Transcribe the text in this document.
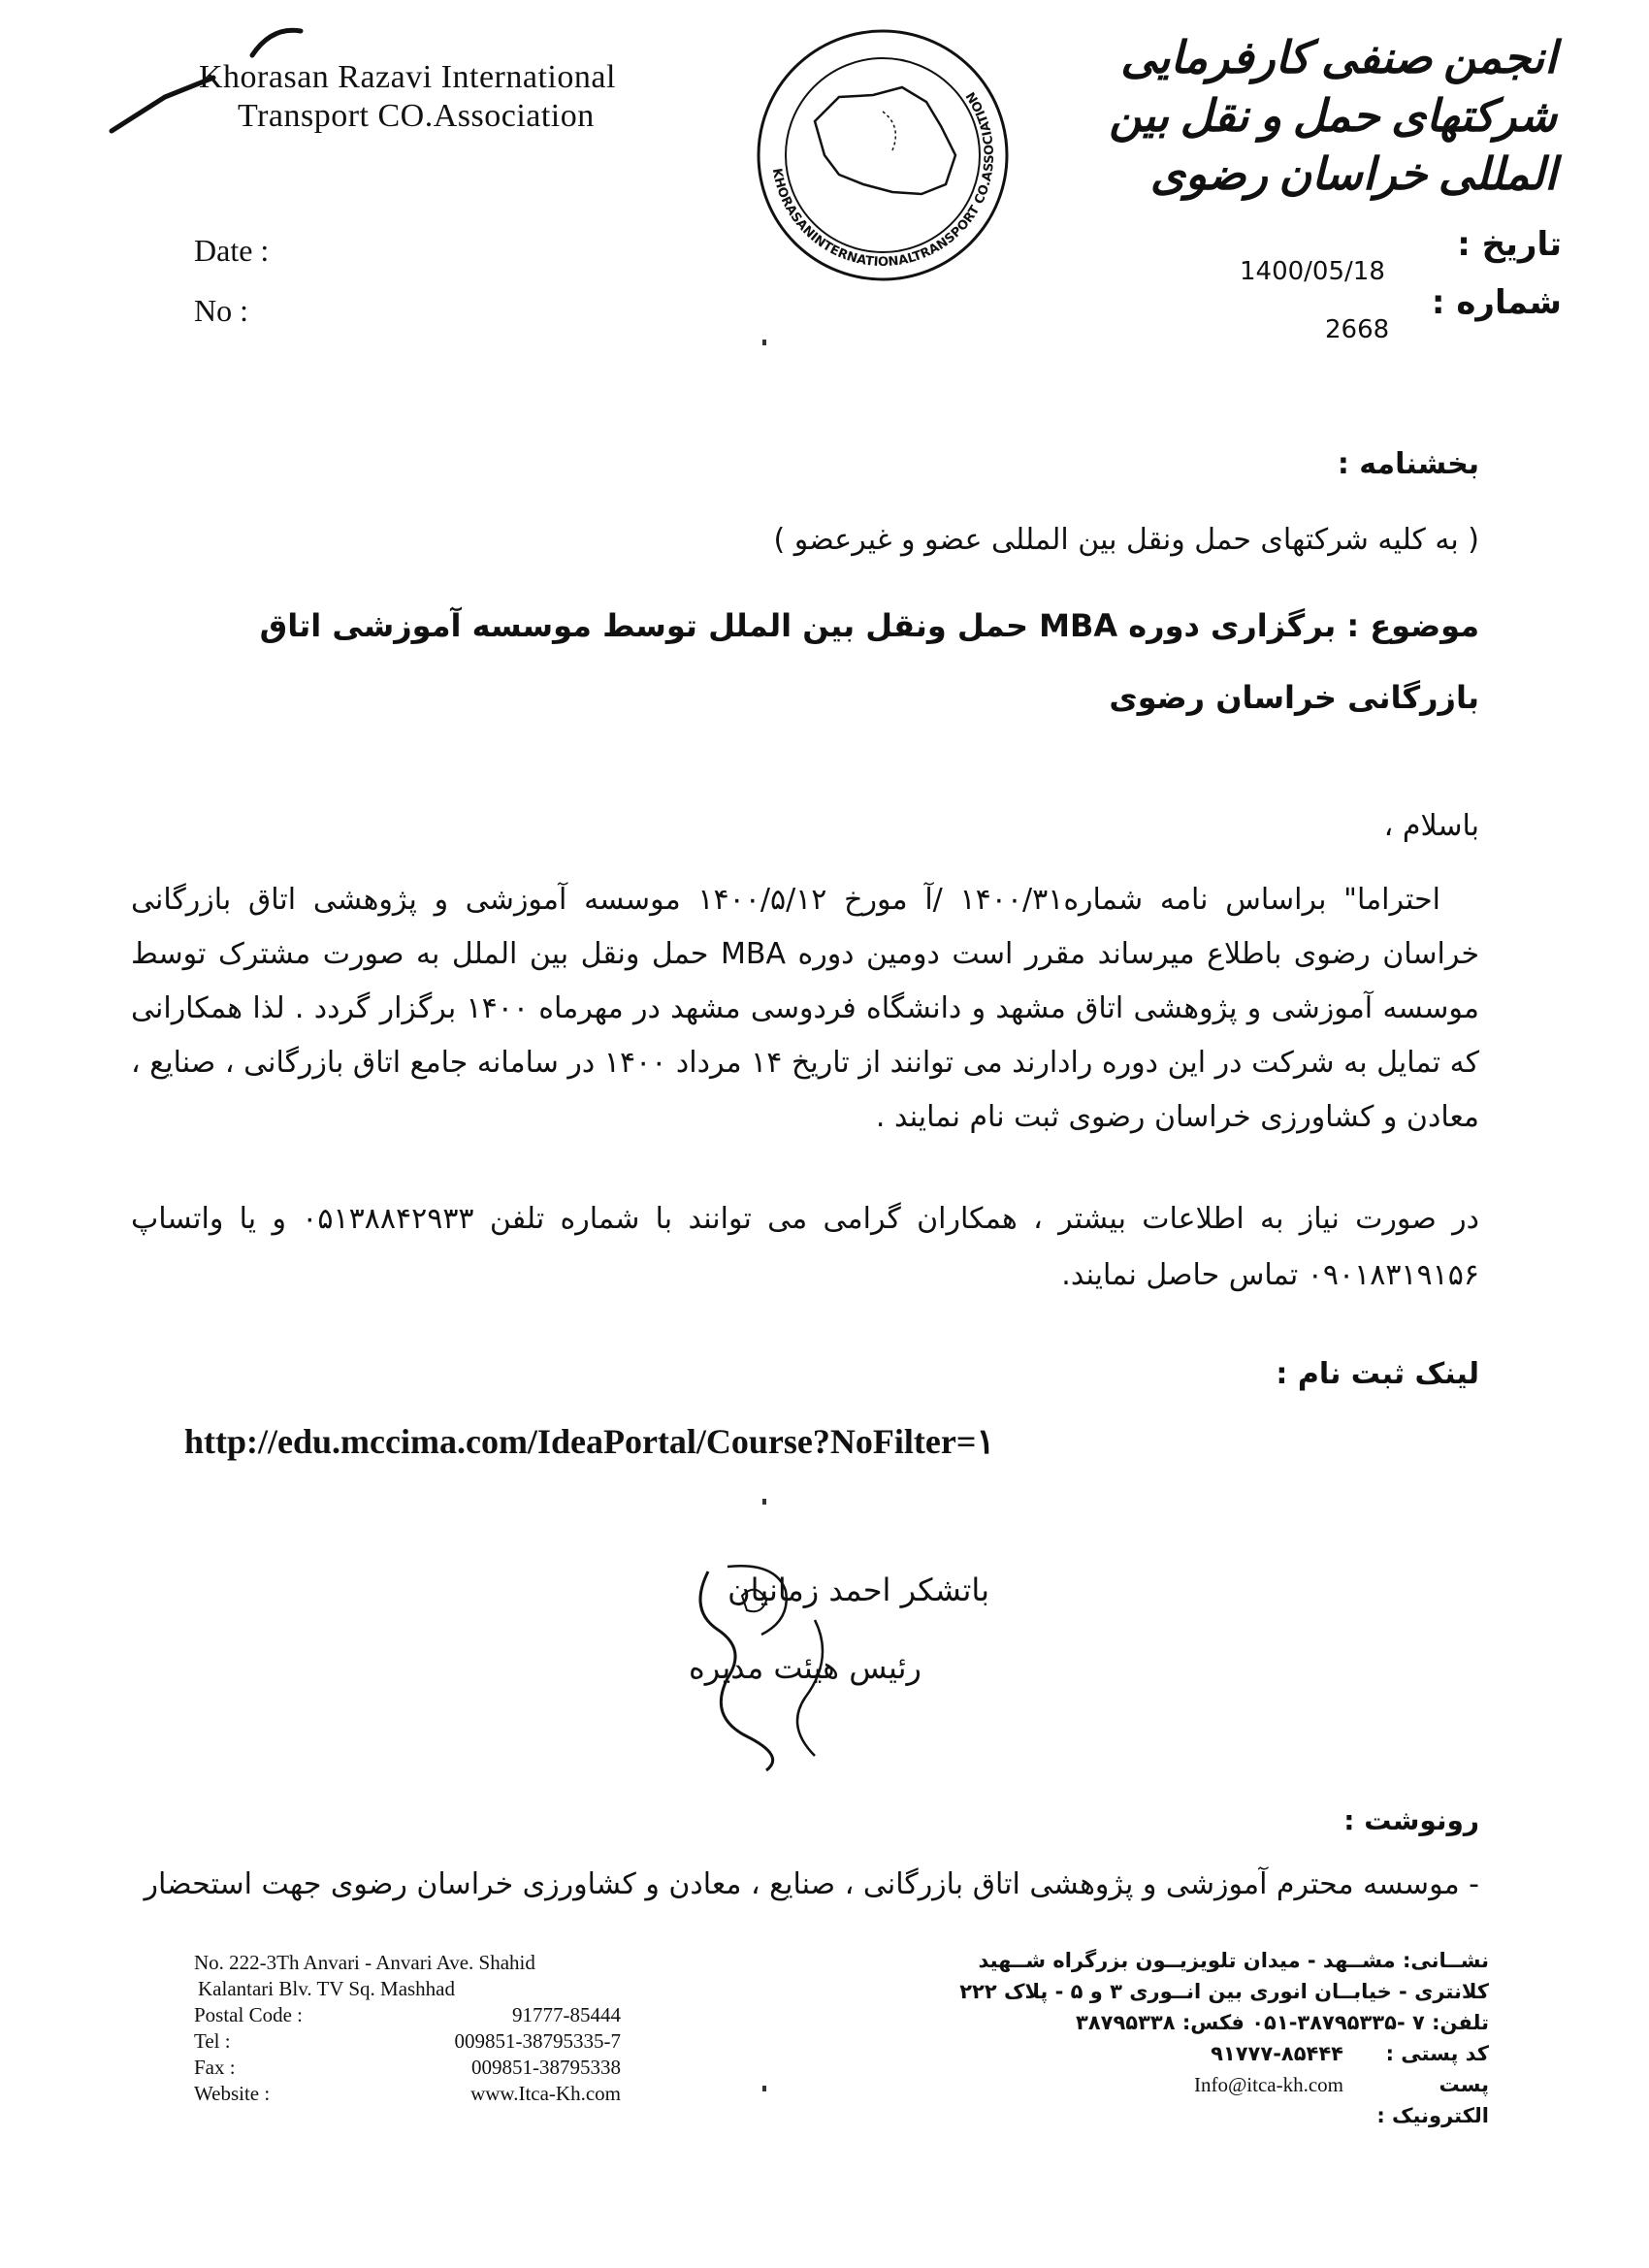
Khorasan Razavi International
Transport CO.Association
KHORASANINTERNATIONALTRANSPORT CO.ASSOCIATION
انجمن صنفی کارفرمایی شرکتهای حمل و نقل بین المللی خراسان رضوی
Date :
No :
تاریخ :
شماره :
1400/05/18
2668
بخشنامه :
( به کلیه شرکتهای حمل ونقل بین المللی عضو و غیرعضو )
موضوع : برگزاری دوره MBA حمل ونقل بین الملل توسط موسسه آموزشی اتاق بازرگانی خراسان رضوی
باسلام ،
احتراما" براساس نامه شماره۱۴۰۰/۳۱ /آ مورخ ۱۴۰۰/۵/۱۲ موسسه آموزشی و پژوهشی اتاق بازرگانی خراسان رضوی باطلاع میرساند مقرر است دومین دوره MBA حمل ونقل بین الملل به صورت مشترک توسط موسسه آموزشی و پژوهشی اتاق مشهد و دانشگاه فردوسی مشهد در مهرماه ۱۴۰۰ برگزار گردد . لذا همکارانی که تمایل به شرکت در این دوره رادارند می توانند از تاریخ ۱۴ مرداد ۱۴۰۰ در سامانه جامع اتاق بازرگانی ، صنایع ، معادن و کشاورزی خراسان رضوی ثبت نام نمایند .
در صورت نیاز به اطلاعات بیشتر ، همکاران گرامی می توانند با شماره تلفن ۰۵۱۳۸۸۴۲۹۳۳ و یا واتساپ ۰۹۰۱۸۳۱۹۱۵۶ تماس حاصل نمایند.
لینک ثبت نام :
http://edu.mccima.com/IdeaPortal/Course?NoFilter=۱
باتشکر احمد زمانیان
رئیس هیئت مدیره
رونوشت :
- موسسه محترم آموزشی و پژوهشی اتاق بازرگانی ، صنایع ، معادن و کشاورزی خراسان رضوی جهت استحضار
No. 222-3Th Anvari - Anvari Ave. Shahid
Kalantari Blv. TV Sq. Mashhad
Postal Code :	91777-85444
Tel :	009851-38795335-7
Fax :	009851-38795338
Website :	www.Itca-Kh.com
نشــانی: مشــهد - میدان تلویزیــون بزرگراه شــهید
کلانتری - خیابــان انوری بین انــوری ۳ و ۵ - پلاک ۲۲۲
تلفن: ۷ -۳۸۷۹۵۳۳۵-۰۵۱ فکس: ۳۸۷۹۵۳۳۸
کد پستی :
۹۱۷۷۷-۸۵۴۴۴
پست الکترونیک :
Info@itca-kh.com
